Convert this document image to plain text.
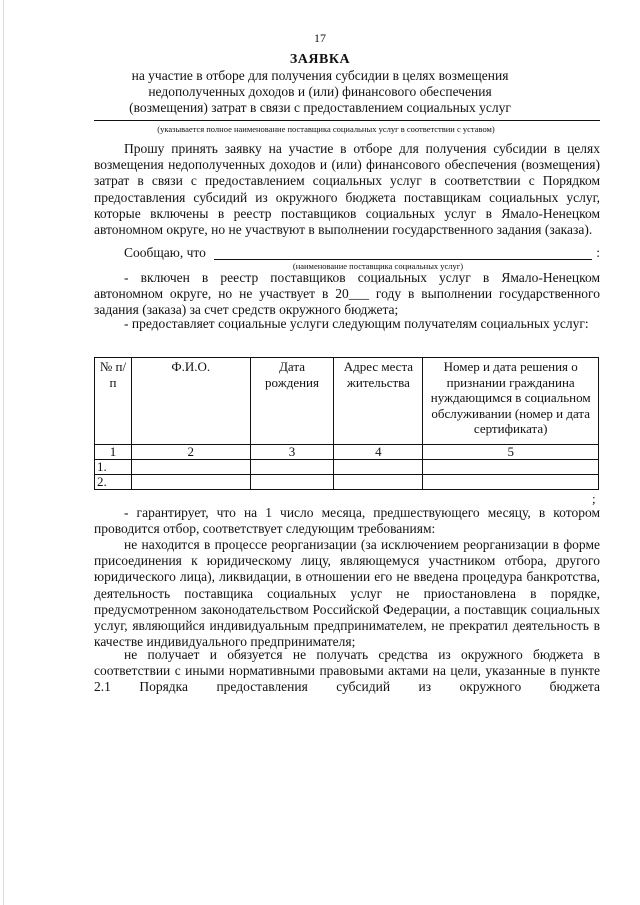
17
ЗАЯВКА
на участие в отборе для получения субсидии в целях возмещения недополученных доходов и (или) финансового обеспечения (возмещения) затрат в связи с предоставлением социальных услуг
(указывается полное наименование поставщика социальных услуг в соответствии с уставом)
Прошу принять заявку на участие в отборе для получения субсидии в целях возмещения недополученных доходов и (или) финансового обеспечения (возмещения) затрат в связи с предоставлением социальных услуг в соответствии с Порядком предоставления субсидий из окружного бюджета поставщикам социальных услуг, которые включены в реестр поставщиков социальных услуг в Ямало-Ненецком автономном округе, но не участвуют в выполнении государственного задания (заказа).
Сообщаю, что	:
(наименование поставщика социальных услуг)
- включен в реестр поставщиков социальных услуг в Ямало-Ненецком автономном округе, но не участвует в 20___ году в выполнении государственного задания (заказа) за счет средств окружного бюджета;
- предоставляет социальные услуги следующим получателям социальных услуг:
№ п/п	Ф.И.О.	Дата рождения	Адрес места жительства	Номер и дата решения о признании гражданина нуждающимся в социальном обслуживании (номер и дата сертификата)
1	2	3	4	5
1.				
2.				
;
- гарантирует, что на 1 число месяца, предшествующего месяцу, в котором проводится отбор, соответствует следующим требованиям:
не находится в процессе реорганизации (за исключением реорганизации в форме присоединения к юридическому лицу, являющемуся участником отбора, другого юридического лица), ликвидации, в отношении его не введена процедура банкротства, деятельность поставщика социальных услуг не приостановлена в порядке, предусмотренном законодательством Российской Федерации, а поставщик социальных услуг, являющийся индивидуальным предпринимателем, не прекратил деятельность в качестве индивидуального предпринимателя;
не получает и обязуется не получать средства из окружного бюджета в соответствии с иными нормативными правовыми актами на цели, указанные в пункте 2.1 Порядка предоставления субсидий из окружного бюджета
